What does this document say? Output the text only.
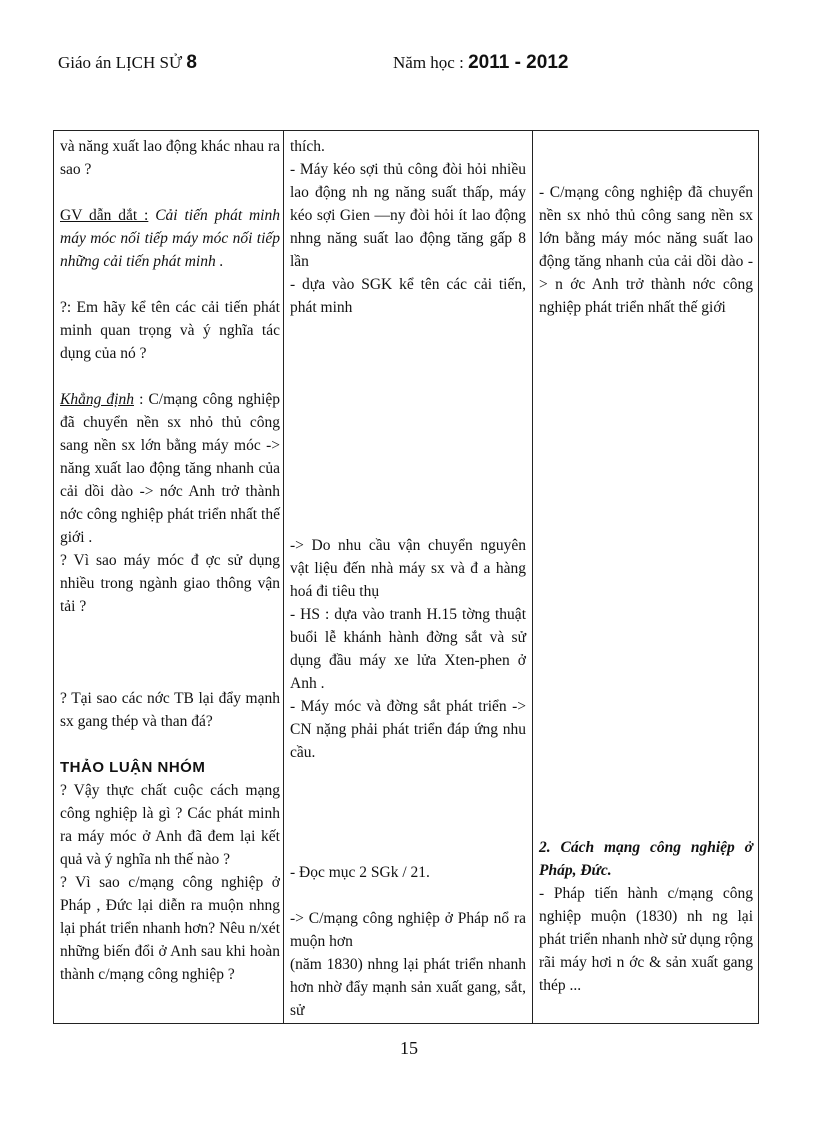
Giáo án LỊCH SỬ 8	Năm học : 2011 - 2012

và năng xuất lao động khác nhau ra sao ?

GV dẫn dắt : Cải tiến phát minh máy móc nối tiếp máy móc nối tiếp những cải tiến phát minh .

?: Em hãy kể tên các cải tiến phát minh quan trọng và ý nghĩa tác dụng của nó ?

Khẳng định : C/mạng công nghiệp đã chuyển nền sx nhỏ thủ công sang nền sx lớn bằng máy móc -> năng xuất lao động tăng nhanh của cải dồi dào -> nớc Anh trở thành nớc công nghiệp phát triển nhất thế giới .

? Vì sao máy móc đ ợc sử dụng nhiều trong ngành giao thông vận tải ?

? Tại sao các nớc TB lại đẩy mạnh sx gang thép và than đá?

THẢO LUẬN NHÓM

? Vậy thực chất cuộc cách mạng công nghiệp là gì ? Các phát minh ra máy móc ở Anh đã đem lại kết quả và ý nghĩa nh thế nào ?

? Vì sao c/mạng công nghiệp ở Pháp , Đức lại diễn ra muộn nhng lại phát triển nhanh hơn? Nêu n/xét những biến đổi ở Anh sau khi hoàn thành c/mạng công nghiệp ?

thích.

- Máy kéo sợi thủ công đòi hỏi nhiều lao động nh ng năng suất thấp, máy kéo sợi Gien —ny đòi hỏi ít lao động nhng năng suất lao động tăng gấp 8 lần

- dựa vào SGK kể tên các cải tiến, phát minh

-> Do nhu cầu vận chuyển nguyên vật liệu đến nhà máy sx và đ a hàng hoá đi tiêu thụ

- HS : dựa vào tranh H.15 tờng thuật buổi lễ khánh hành đờng sắt và sử dụng đầu máy xe lửa Xten-phen ở Anh .

- Máy móc và đờng sắt phát triển -> CN nặng phải phát triển đáp ứng nhu cầu.

- Đọc mục 2 SGk / 21.

-> C/mạng công nghiệp ở Pháp nổ ra muộn hơn

(năm 1830) nhng lại phát triển nhanh hơn nhờ đẩy mạnh sản xuất gang, sắt, sử

- C/mạng công nghiệp đã chuyển nền sx nhỏ thủ công sang nền sx lớn bằng máy móc năng suất lao động tăng nhanh của cải dồi dào -> n ớc Anh trở thành nớc công nghiệp phát triển nhất thế giới

2. Cách mạng công nghiệp ở Pháp, Đức.

- Pháp tiến hành c/mạng công nghiệp muộn (1830) nh ng lại phát triển nhanh nhờ sử dụng rộng rãi máy hơi n ớc & sản xuất gang thép ...

15
